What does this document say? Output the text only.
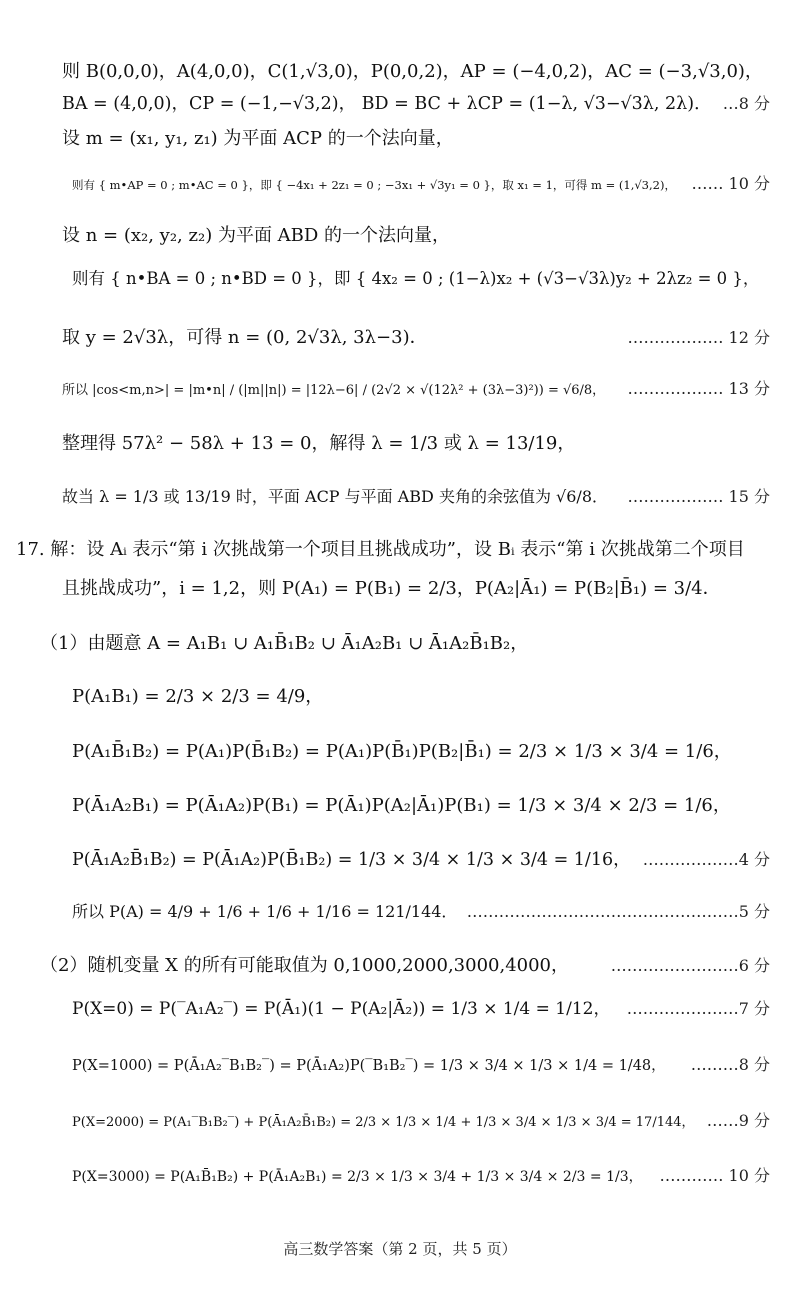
则 B(0,0,0)，A(4,0,0)，C(1,√3,0)，P(0,0,2)，AP = (−4,0,2)，AC = (−3,√3,0)，
BA = (4,0,0)，CP = (−1,−√3,2)， BD = BC + λCP = (1−λ, √3−√3λ, 2λ)． …8 分
设 m = (x₁, y₁, z₁) 为平面 ACP 的一个法向量，
则有 { m•AP = 0 ; m•AC = 0 }，即 { −4x₁ + 2z₁ = 0 ; −3x₁ + √3y₁ = 0 }，取 x₁ = 1，可得 m = (1,√3,2)， …… 10 分
设 n = (x₂, y₂, z₂) 为平面 ABD 的一个法向量，
则有 { n•BA = 0 ; n•BD = 0 }，即 { 4x₂ = 0 ; (1−λ)x₂ + (√3−√3λ)y₂ + 2λz₂ = 0 }，
取 y = 2√3λ，可得 n = (0, 2√3λ, 3λ−3)．	……………… 12 分
所以 |cos<m,n>| = |m•n| / (|m||n|) = |12λ−6| / (2√2 × √(12λ² + (3λ−3)²)) = √6/8， ……………… 13 分
整理得 57λ² − 58λ + 13 = 0，解得 λ = 1/3 或 λ = 13/19，
故当 λ = 1/3 或 13/19 时，平面 ACP 与平面 ABD 夹角的余弦值为 √6/8． ……………… 15 分
17. 解：设 Aᵢ 表示“第 i 次挑战第一个项目且挑战成功”，设 Bᵢ 表示“第 i 次挑战第二个项目
且挑战成功”，i = 1,2，则 P(A₁) = P(B₁) = 2/3，P(A₂|Ā₁) = P(B₂|B̄₁) = 3/4．
（1）由题意 A = A₁B₁ ∪ A₁B̄₁B₂ ∪ Ā₁A₂B₁ ∪ Ā₁A₂B̄₁B₂，
P(A₁B₁) = 2/3 × 2/3 = 4/9，
P(A₁B̄₁B₂) = P(A₁)P(B̄₁B₂) = P(A₁)P(B̄₁)P(B₂|B̄₁) = 2/3 × 1/3 × 3/4 = 1/6，
P(Ā₁A₂B₁) = P(Ā₁A₂)P(B₁) = P(Ā₁)P(A₂|Ā₁)P(B₁) = 1/3 × 3/4 × 2/3 = 1/6，
P(Ā₁A₂B̄₁B₂) = P(Ā₁A₂)P(B̄₁B₂) = 1/3 × 3/4 × 1/3 × 3/4 = 1/16， ………………4 分
所以 P(A) = 4/9 + 1/6 + 1/6 + 1/16 = 121/144． ……………………………………………5 分
（2）随机变量 X 的所有可能取值为 0,1000,2000,3000,4000，	……………………6 分
P(X=0) = P(‾A₁A₂‾) = P(Ā₁)(1 − P(A₂|Ā₂)) = 1/3 × 1/4 = 1/12， …………………7 分
P(X=1000) = P(Ā₁A₂‾B₁B₂‾) = P(Ā₁A₂)P(‾B₁B₂‾) = 1/3 × 3/4 × 1/3 × 1/4 = 1/48， ………8 分
P(X=2000) = P(A₁‾B₁B₂‾) + P(Ā₁A₂B̄₁B₂) = 2/3 × 1/3 × 1/4 + 1/3 × 3/4 × 1/3 × 3/4 = 17/144， ……9 分
P(X=3000) = P(A₁B̄₁B₂) + P(Ā₁A₂B₁) = 2/3 × 1/3 × 3/4 + 1/3 × 3/4 × 2/3 = 1/3， ………… 10 分
高三数学答案（第 2 页，共 5 页）
